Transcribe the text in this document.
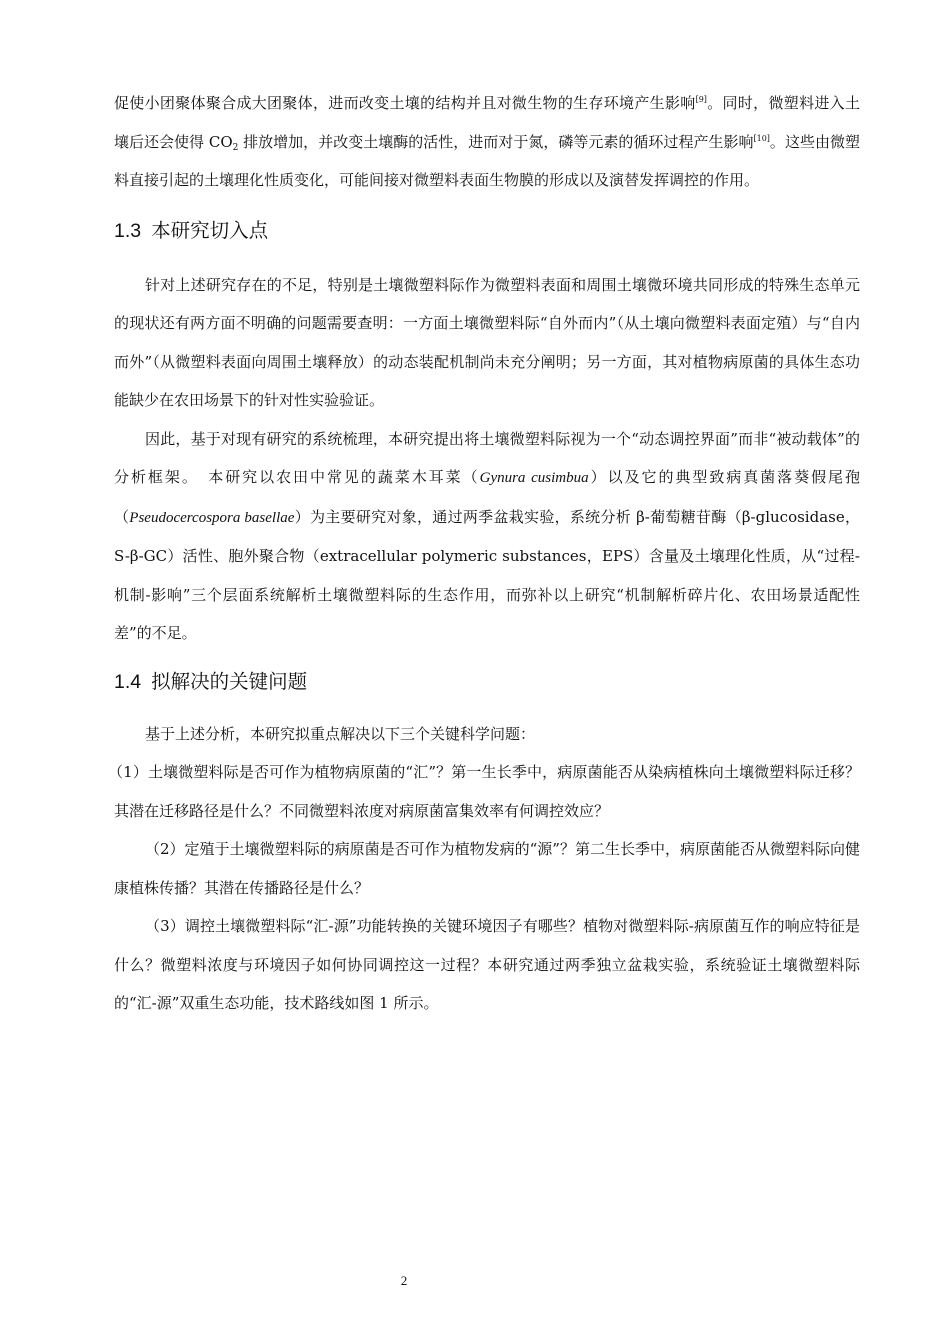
促使小团聚体聚合成大团聚体，进而改变土壤的结构并且对微生物的生存环境产生影响[9]。同时，微塑料进入土壤后还会使得 $CO_2$ 排放增加，并改变土壤酶的活性，进而对于氮，磷等元素的循环过程产生影响[10]。这些由微塑料直接引起的土壤理化性质变化，可能间接对微塑料表面生物膜的形成以及演替发挥调控的作用。

1.3 本研究切入点

针对上述研究存在的不足，特别是土壤微塑料际作为微塑料表面和周围土壤微环境共同形成的特殊生态单元的现状还有两方面不明确的问题需要查明：一方面土壤微塑料际“自外而内”（从土壤向微塑料表面定殖）与“自内而外”（从微塑料表面向周围土壤释放）的动态装配机制尚未充分阐明；另一方面，其对植物病原菌的具体生态功能缺少在农田场景下的针对性实验验证。

因此，基于对现有研究的系统梳理，本研究提出将土壤微塑料际视为一个“动态调控界面”而非“被动载体”的分析框架。　本研究以农田中常见的蔬菜木耳菜（Gynura cusimbua）以及它的典型致病真菌落葵假尾孢（Pseudocercospora basellae）为主要研究对象，通过两季盆栽实验，系统分析 β-葡萄糖苷酶（β-glucosidase，S-β-GC）活性、胞外聚合物（extracellular polymeric substances，EPS）含量及土壤理化性质，从“过程-机制-影响”三个层面系统解析土壤微塑料际的生态作用，而弥补以上研究“机制解析碎片化、农田场景适配性差”的不足。

1.4 拟解决的关键问题

基于上述分析，本研究拟重点解决以下三个关键科学问题：

（1）土壤微塑料际是否可作为植物病原菌的“汇”？第一生长季中，病原菌能否从染病植株向土壤微塑料际迁移？其潜在迁移路径是什么？不同微塑料浓度对病原菌富集效率有何调控效应？

（2）定殖于土壤微塑料际的病原菌是否可作为植物发病的“源”？第二生长季中，病原菌能否从微塑料际向健康植株传播？其潜在传播路径是什么？

（3）调控土壤微塑料际“汇-源”功能转换的关键环境因子有哪些？植物对微塑料际-病原菌互作的响应特征是什么？微塑料浓度与环境因子如何协同调控这一过程？本研究通过两季独立盆栽实验，系统验证土壤微塑料际的“汇-源”双重生态功能，技术路线如图 1 所示。

2
